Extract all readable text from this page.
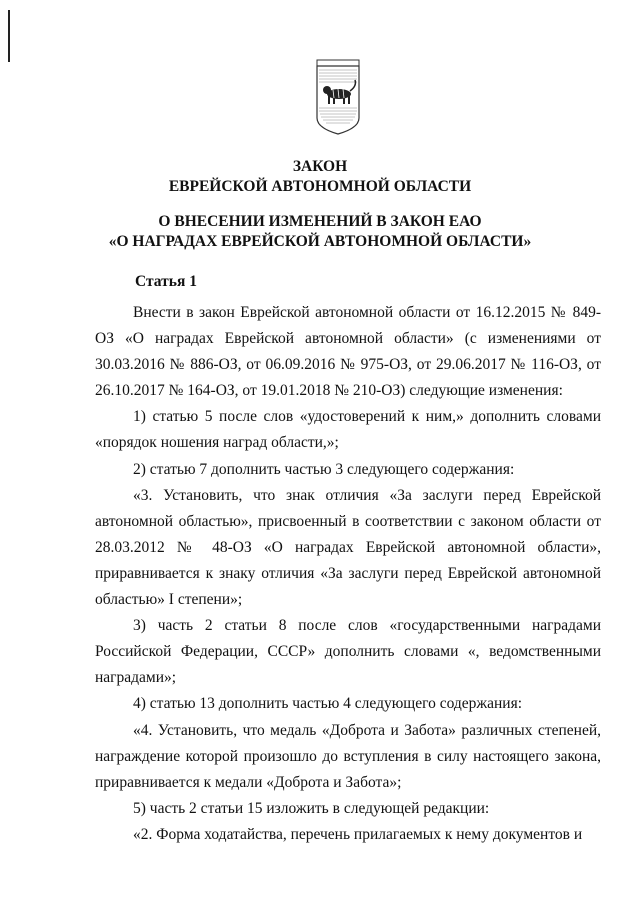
ЗАКОН
ЕВРЕЙСКОЙ АВТОНОМНОЙ ОБЛАСТИ
О ВНЕСЕНИИ ИЗМЕНЕНИЙ В ЗАКОН ЕАО
«О НАГРАДАХ ЕВРЕЙСКОЙ АВТОНОМНОЙ ОБЛАСТИ»
Статья 1

Внести в закон Еврейской автономной области от 16.12.2015 № 849-ОЗ «О наградах Еврейской автономной области» (с изменениями от 30.03.2016 № 886-ОЗ, от 06.09.2016 № 975-ОЗ, от 29.06.2017 № 116-ОЗ, от 26.10.2017 № 164-ОЗ, от 19.01.2018 № 210-ОЗ) следующие изменения:

1) статью 5 после слов «удостоверений к ним,» дополнить словами «порядок ношения наград области,»;

2) статью 7 дополнить частью 3 следующего содержания:

«3. Установить, что знак отличия «За заслуги перед Еврейской автономной областью», присвоенный в соответствии с законом области от 28.03.2012 № 48-ОЗ «О наградах Еврейской автономной области», приравнивается к знаку отличия «За заслуги перед Еврейской автономной областью» I степени»;

3) часть 2 статьи 8 после слов «государственными наградами Российской Федерации, СССР» дополнить словами «, ведомственными наградами»;

4) статью 13 дополнить частью 4 следующего содержания:

«4. Установить, что медаль «Доброта и Забота» различных степеней, награждение которой произошло до вступления в силу настоящего закона, приравнивается к медали «Доброта и Забота»;

5) часть 2 статьи 15 изложить в следующей редакции:

«2. Форма ходатайства, перечень прилагаемых к нему документов и
